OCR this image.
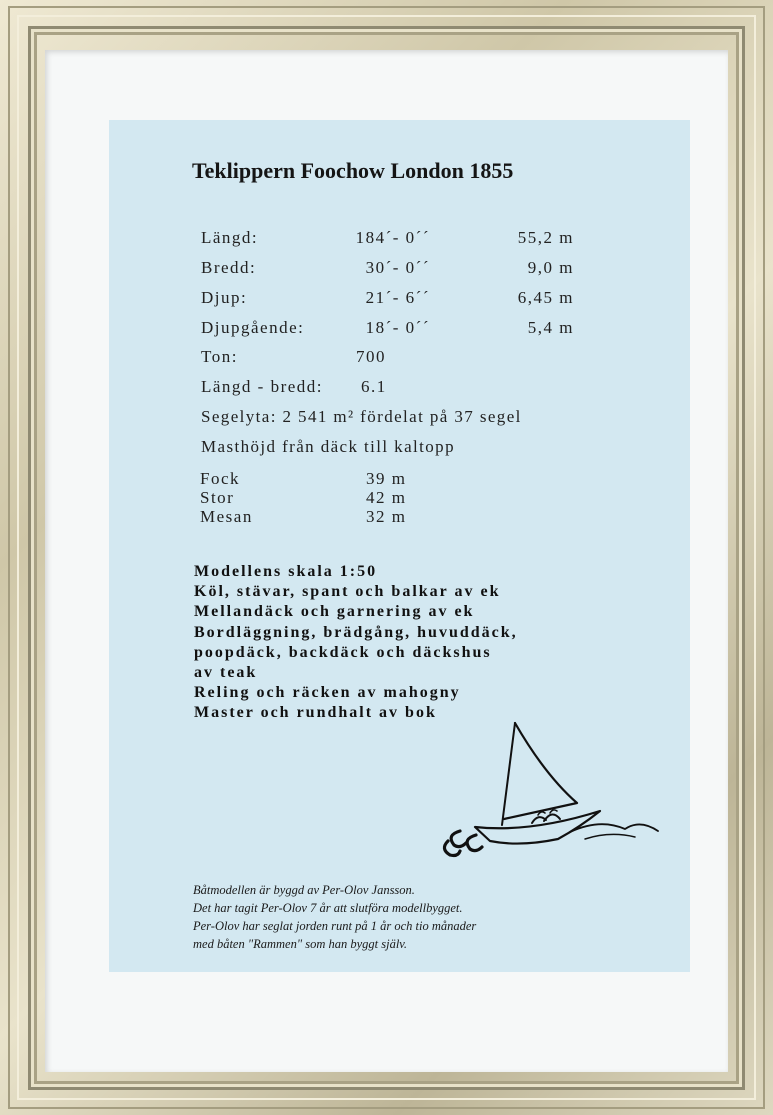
Teklippern Foochow London 1855
Längd:	184´- 0´´	55,2 m
Bredd:	30´- 0´´	9,0 m
Djup:	21´- 6´´	6,45 m
Djupgående:	18´- 0´´	5,4 m
Ton:	700
Längd - bredd: 6.1
Segelyta: 2 541 m² fördelat på 37 segel
Masthöjd från däck till kaltopp
Fock	39 m
Stor	42 m
Mesan	32 m
Modellens skala 1:50
Köl, stävar, spant och balkar av ek
Mellandäck och garnering av ek
Bordläggning, brädgång, huvuddäck,
poopdäck, backdäck och däckshus
av teak
Reling och räcken av mahogny
Master och rundhalt av bok
Båtmodellen är byggd av Per-Olov Jansson.
Det har tagit Per-Olov 7 år att slutföra modellbygget.
Per-Olov har seglat jorden runt på 1 år och tio månader
med båten "Rammen" som han byggt själv.
